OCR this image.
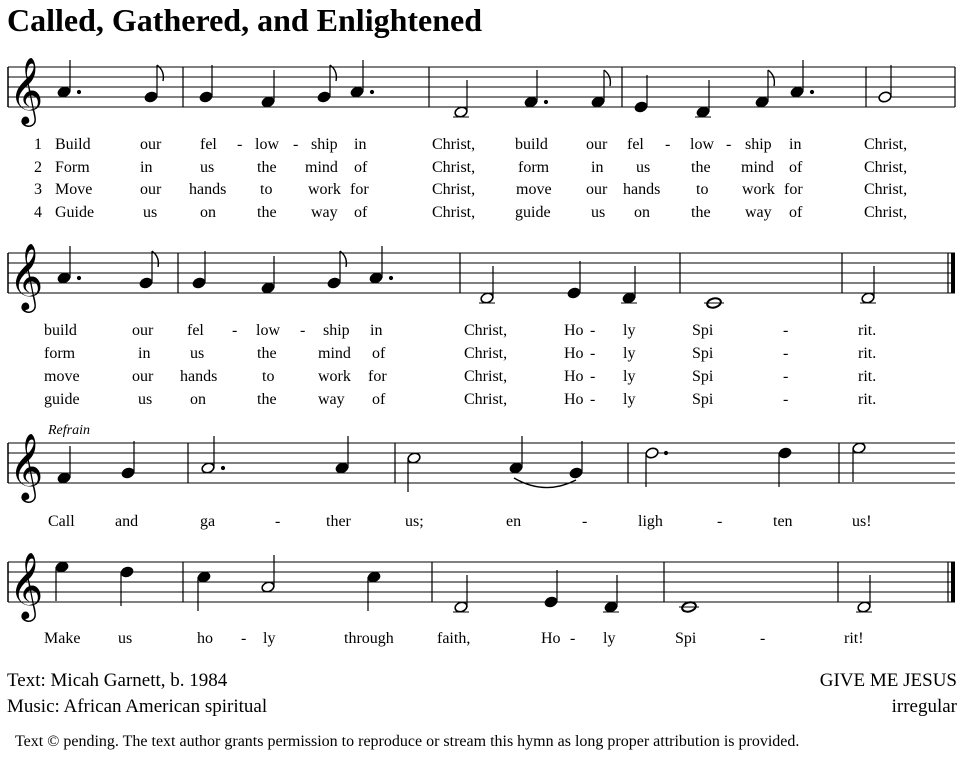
Called, Gathered, and Enlightened
𝄞
1 Build	our fel - low - ship in	Christ, build our fel - low - ship in	Christ,
2 Form	in	us	the mind of	Christ,	form	in us	the mind of	Christ,
3 Move	our hands to work for	Christ,	move our hands to work for	Christ,
4 Guide	us	on	the way of	Christ, guide	us on	the way of	Christ,
𝄞
build	our fel - low - ship in	Christ,	Ho - ly	Spi	-	rit.
form	in us	the	mind of	Christ,	Ho - ly	Spi	-	rit.
move	our hands	to	work for	Christ,	Ho - ly	Spi	-	rit.
guide	us on	the	way of	Christ,	Ho - ly	Spi	-	rit.
Refrain
𝄞
Call	and	ga	-	ther	us;	en	-	ligh	-	ten	us!
𝄞
Make us	ho - ly	through	faith,	Ho - ly	Spi	-	rit!
Text: Micah Garnett, b. 1984
Music: African American spiritual
GIVE ME JESUS
irregular
Text © pending. The text author grants permission to reproduce or stream this hymn as long proper attribution is provided.
